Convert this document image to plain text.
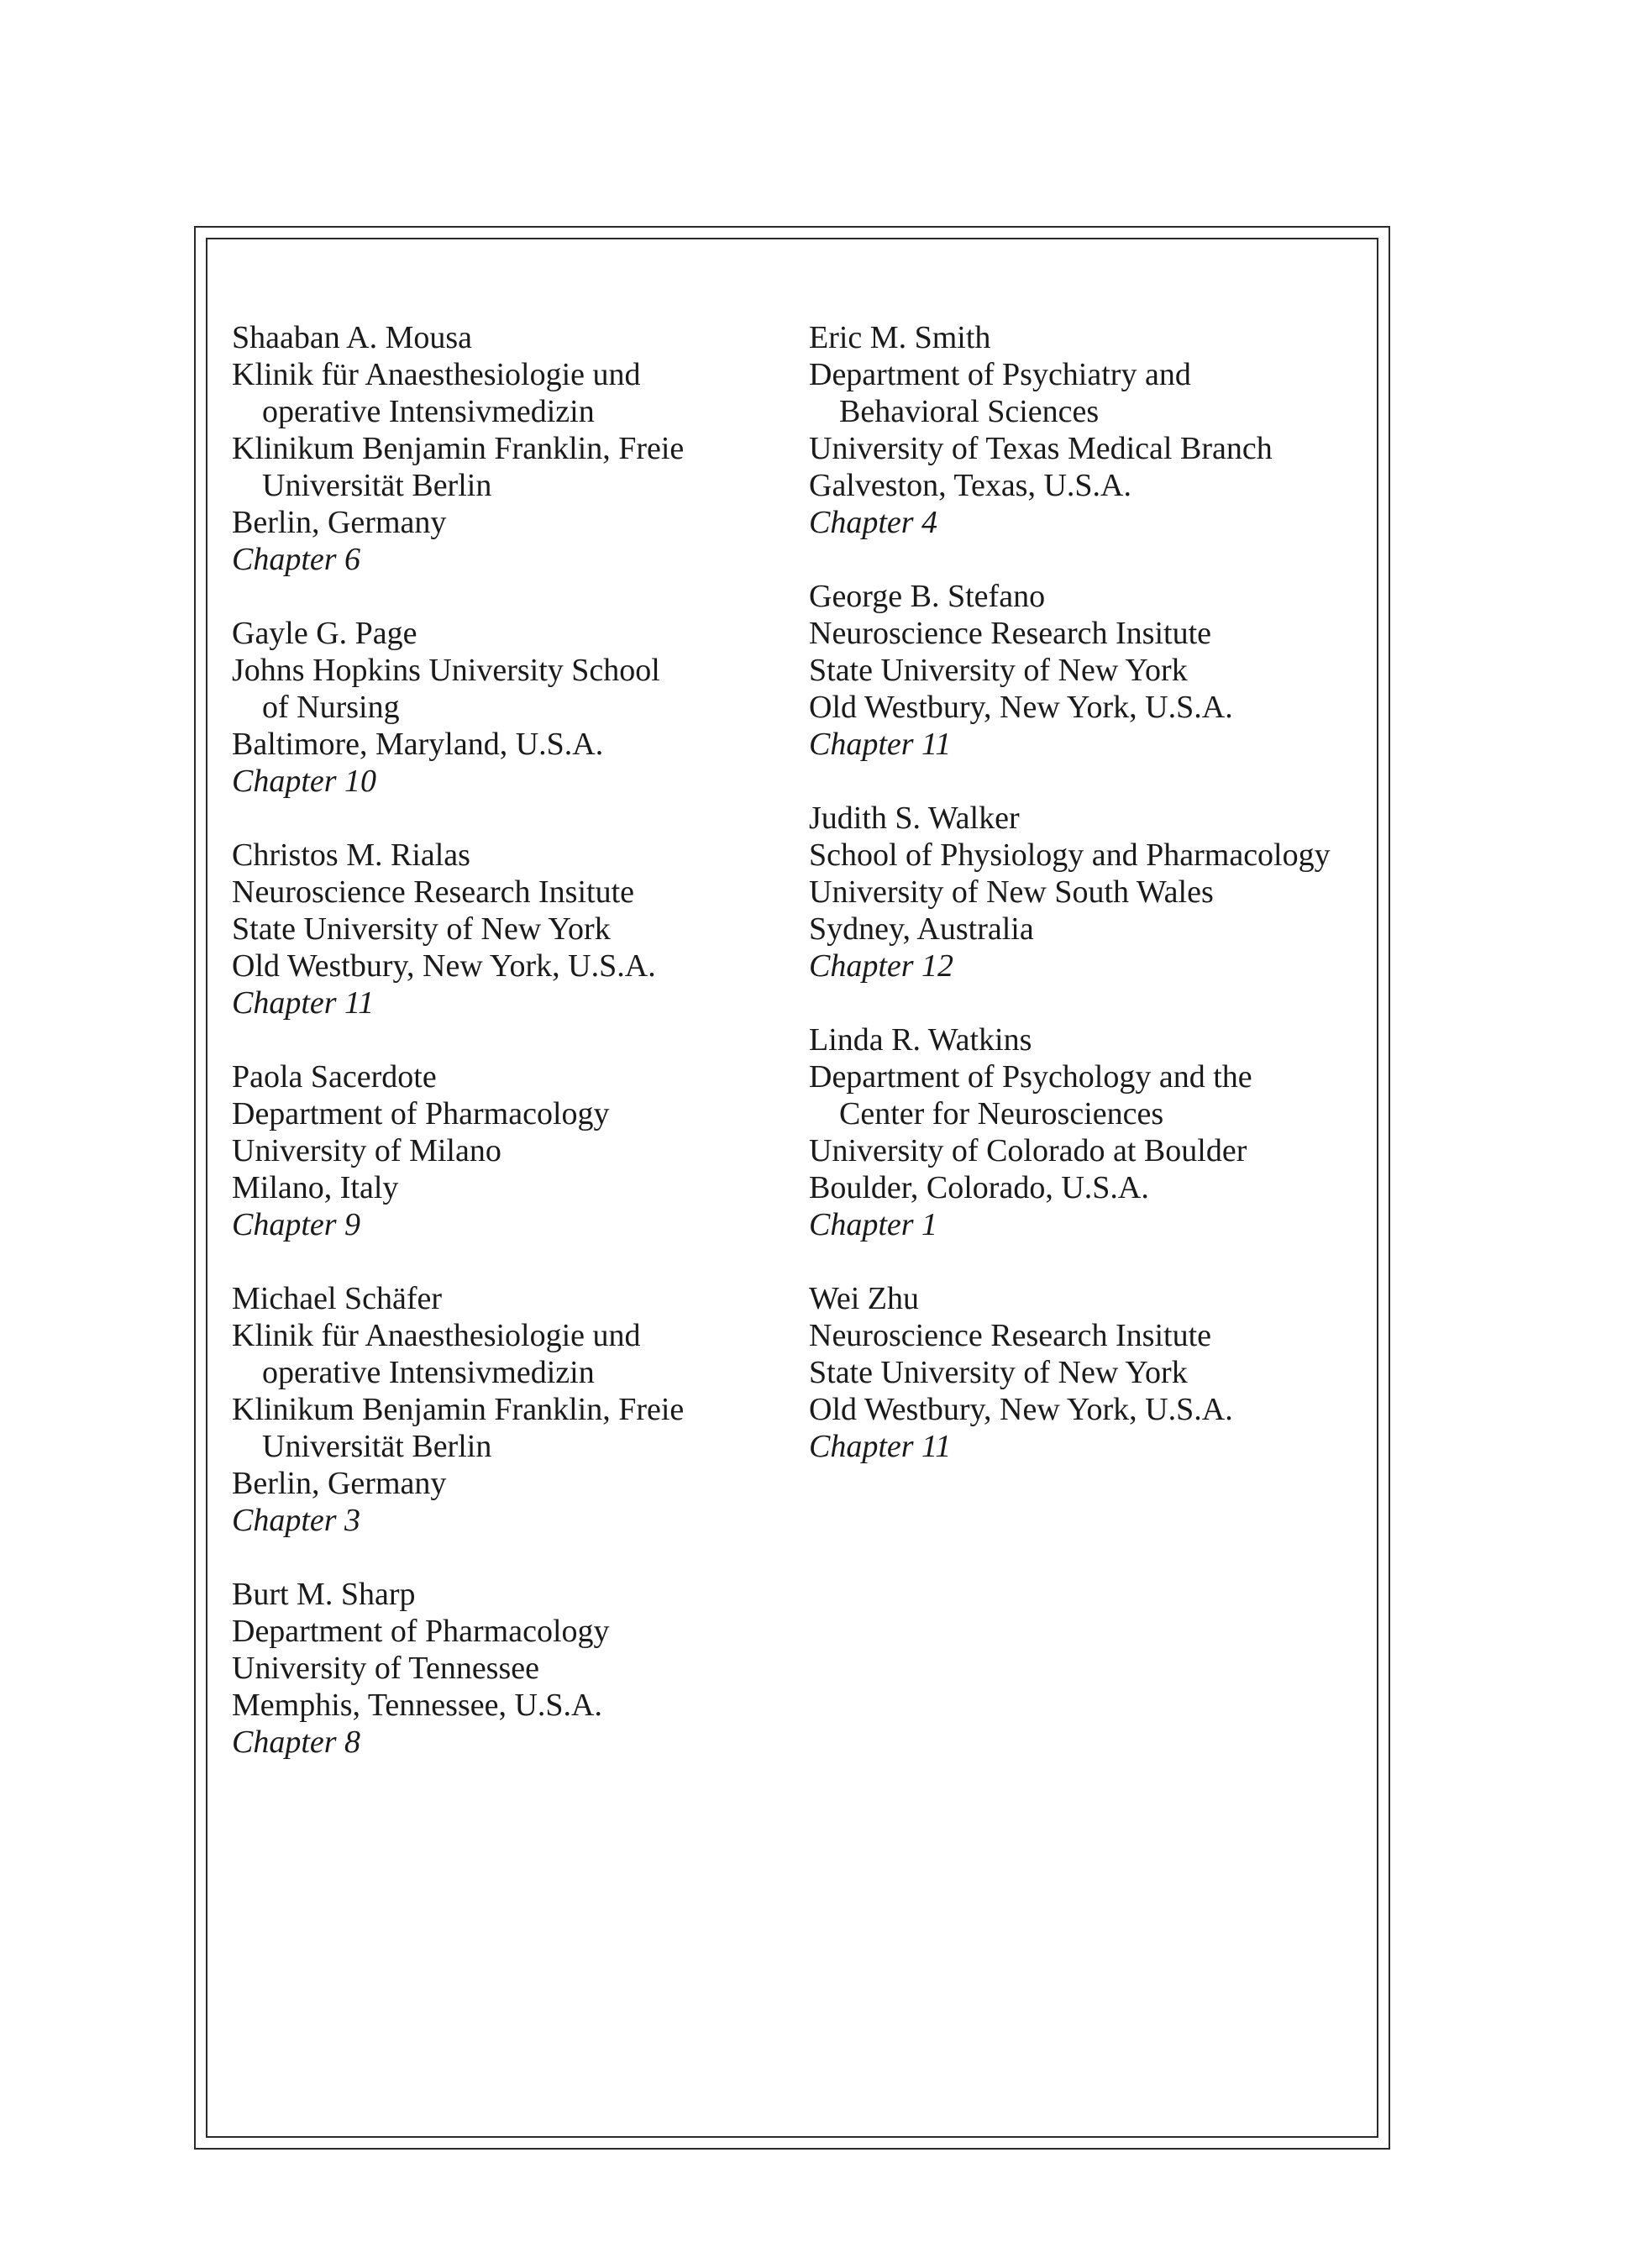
Shaaban A. Mousa
Klinik für Anaesthesiologie und
operative Intensivmedizin
Klinikum Benjamin Franklin, Freie
Universität Berlin
Berlin, Germany
Chapter 6
Gayle G. Page
Johns Hopkins University School
of Nursing
Baltimore, Maryland, U.S.A.
Chapter 10
Christos M. Rialas
Neuroscience Research Insitute
State University of New York
Old Westbury, New York, U.S.A.
Chapter 11
Paola Sacerdote
Department of Pharmacology
University of Milano
Milano, Italy
Chapter 9
Michael Schäfer
Klinik für Anaesthesiologie und
operative Intensivmedizin
Klinikum Benjamin Franklin, Freie
Universität Berlin
Berlin, Germany
Chapter 3
Burt M. Sharp
Department of Pharmacology
University of Tennessee
Memphis, Tennessee, U.S.A.
Chapter 8
Eric M. Smith
Department of Psychiatry and
Behavioral Sciences
University of Texas Medical Branch
Galveston, Texas, U.S.A.
Chapter 4
George B. Stefano
Neuroscience Research Insitute
State University of New York
Old Westbury, New York, U.S.A.
Chapter 11
Judith S. Walker
School of Physiology and Pharmacology
University of New South Wales
Sydney, Australia
Chapter 12
Linda R. Watkins
Department of Psychology and the
Center for Neurosciences
University of Colorado at Boulder
Boulder, Colorado, U.S.A.
Chapter 1
Wei Zhu
Neuroscience Research Insitute
State University of New York
Old Westbury, New York, U.S.A.
Chapter 11
